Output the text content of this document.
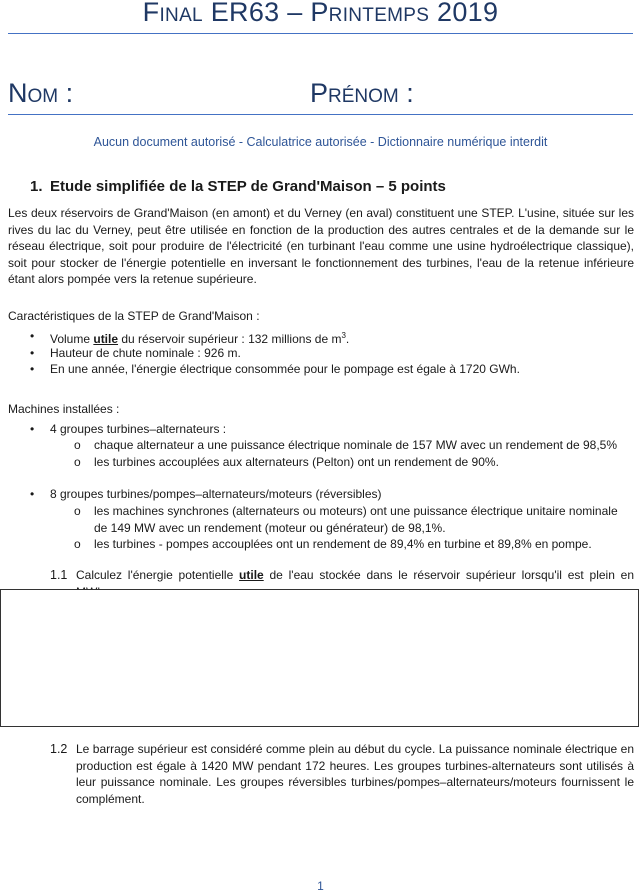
Final ER63 – Printemps 2019
Nom :	Prénom :
Aucun document autorisé - Calculatrice autorisée - Dictionnaire numérique interdit
1. Etude simplifiée de la STEP de Grand'Maison – 5 points
Les deux réservoirs de Grand'Maison (en amont) et du Verney (en aval) constituent une STEP. L'usine, située sur les rives du lac du Verney, peut être utilisée en fonction de la production des autres centrales et de la demande sur le réseau électrique, soit pour produire de l'électricité (en turbinant l'eau comme une usine hydroélectrique classique), soit pour stocker de l'énergie potentielle en inversant le fonctionnement des turbines, l'eau de la retenue inférieure étant alors pompée vers la retenue supérieure.
Caractéristiques de la STEP de Grand'Maison :
• Volume utile du réservoir supérieur : 132 millions de $m^3$.
• Hauteur de chute nominale : 926 m.
• En une année, l'énergie électrique consommée pour le pompage est égale à 1720 GWh.
Machines installées :
• 4 groupes turbines–alternateurs :
o chaque alternateur a une puissance électrique nominale de 157 MW avec un rendement de 98,5%
o les turbines accouplées aux alternateurs (Pelton) ont un rendement de 90%.
• 8 groupes turbines/pompes–alternateurs/moteurs (réversibles)
o les machines synchrones (alternateurs ou moteurs) ont une puissance électrique unitaire nominale de 149 MW avec un rendement (moteur ou générateur) de 98,1%.
o les turbines - pompes accouplées ont un rendement de 89,4% en turbine et 89,8% en pompe.
1.1 Calculez l'énergie potentielle utile de l'eau stockée dans le réservoir supérieur lorsqu'il est plein en
1.2 Le barrage supérieur est considéré comme plein au début du cycle. La puissance nominale électrique en production est égale à 1420 MW pendant 172 heures. Les groupes turbines-alternateurs sont utilisés à leur puissance nominale. Les groupes réversibles turbines/pompes–alternateurs/moteurs fournissent le complément.
1
